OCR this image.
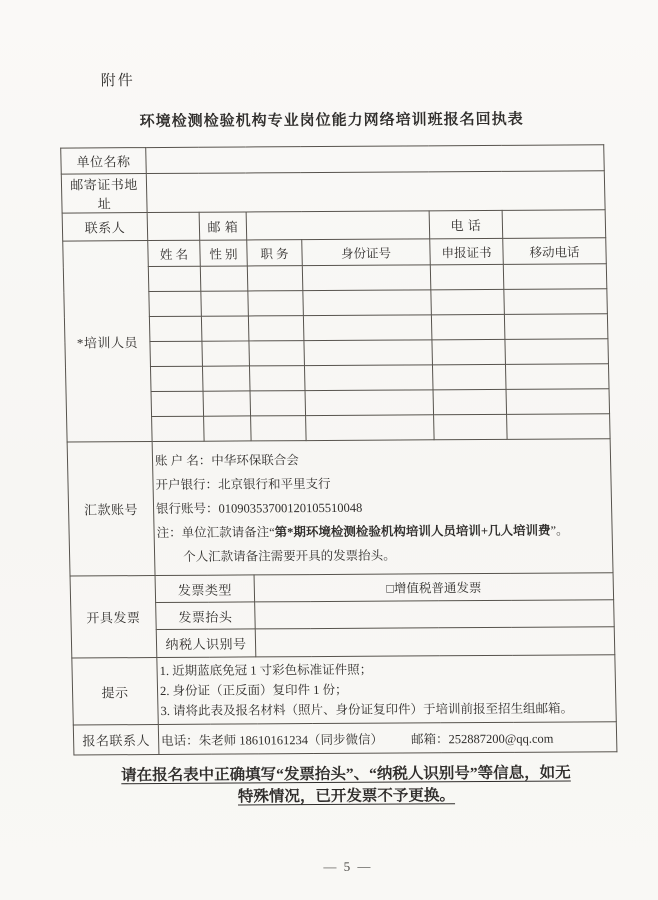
附件
环境检测检验机构专业岗位能力网络培训班报名回执表
单位名称						
邮寄证书地址						
联系人		邮 箱			电 话	
*培训人员	姓 名	性 别	职 务	身份证号	申报证书	移动电话

汇款账号	账 户 名：中华环保联合会
开户银行：北京银行和平里支行
银行账号：01090353700120105510048
注：单位汇款请备注“第*期环境检测检验机构培训人员培训+几人培训费”。
个人汇款请备注需要开具的发票抬头。					

开具发票	发票类型		□增值税普通发票			
	发票抬头					
	纳税人识别号					
提示	1. 近期蓝底免冠 1 寸彩色标准证件照；
2. 身份证（正反面）复印件 1 份；
3. 请将此表及报名材料（照片、身份证复印件）于培训前报至招生组邮箱。					

报名联系人	电话：朱老师 18610161234（同步微信） 邮箱：252887200@qq.com					
请在报名表中正确填写“发票抬头”、“纳税人识别号”等信息，如无
特殊情况，已开发票不予更换。
— 5 —
